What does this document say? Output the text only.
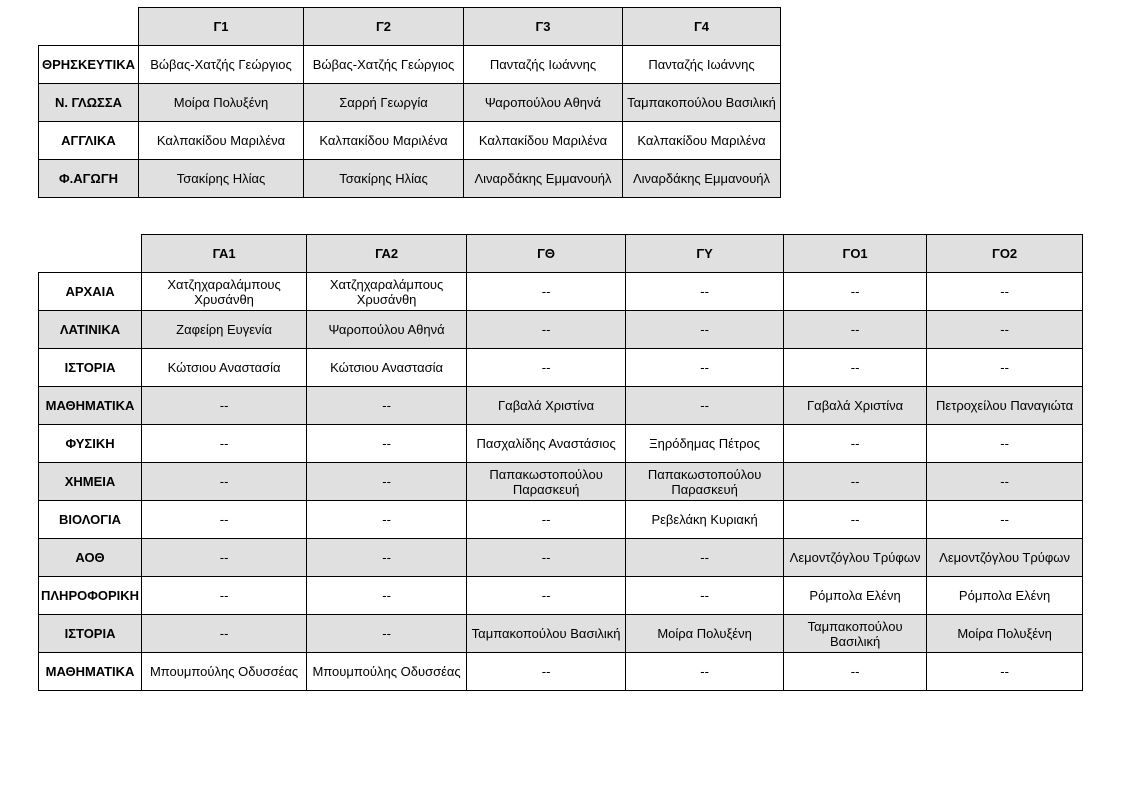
	Γ1	Γ2	Γ3	Γ4
ΘΡΗΣΚΕΥΤΙΚΑ	Βώβας-Χατζής Γεώργιος	Βώβας-Χατζής Γεώργιος	Πανταζής Ιωάννης	Πανταζής Ιωάννης
Ν. ΓΛΩΣΣΑ	Μοίρα Πολυξένη	Σαρρή Γεωργία	Ψαροπούλου Αθηνά	Ταμπακοπούλου Βασιλική
ΑΓΓΛΙΚΑ	Καλπακίδου Μαριλένα	Καλπακίδου Μαριλένα	Καλπακίδου Μαριλένα	Καλπακίδου Μαριλένα
Φ.ΑΓΩΓΗ	Τσακίρης Ηλίας	Τσακίρης Ηλίας	Λιναρδάκης Εμμανουήλ	Λιναρδάκης Εμμανουήλ
	ΓΑ1	ΓΑ2	ΓΘ	ΓΥ	ΓΟ1	ΓΟ2
ΑΡΧΑΙΑ	Χατζηχαραλάμπους Χρυσάνθη	Χατζηχαραλάμπους Χρυσάνθη	--	--	--	--
ΛΑΤΙΝΙΚΑ	Ζαφείρη Ευγενία	Ψαροπούλου Αθηνά	--	--	--	--
ΙΣΤΟΡΙΑ	Κώτσιου Αναστασία	Κώτσιου Αναστασία	--	--	--	--
ΜΑΘΗΜΑΤΙΚΑ	--	--	Γαβαλά Χριστίνα	--	Γαβαλά Χριστίνα	Πετροχείλου Παναγιώτα
ΦΥΣΙΚΗ	--	--	Πασχαλίδης Αναστάσιος	Ξηρόδημας Πέτρος	--	--
ΧΗΜΕΙΑ	--	--	Παπακωστοπούλου Παρασκευή	Παπακωστοπούλου Παρασκευή	--	--
ΒΙΟΛΟΓΙΑ	--	--	--	Ρεβελάκη Κυριακή	--	--
ΑΟΘ	--	--	--	--	Λεμοντζόγλου Τρύφων	Λεμοντζόγλου Τρύφων
ΠΛΗΡΟΦΟΡΙΚΗ	--	--	--	--	Ρόμπολα Ελένη	Ρόμπολα Ελένη
ΙΣΤΟΡΙΑ	--	--	Ταμπακοπούλου Βασιλική	Μοίρα Πολυξένη	Ταμπακοπούλου Βασιλική	Μοίρα Πολυξένη
ΜΑΘΗΜΑΤΙΚΑ	Μπουμπούλης Οδυσσέας	Μπουμπούλης Οδυσσέας	--	--	--	--
